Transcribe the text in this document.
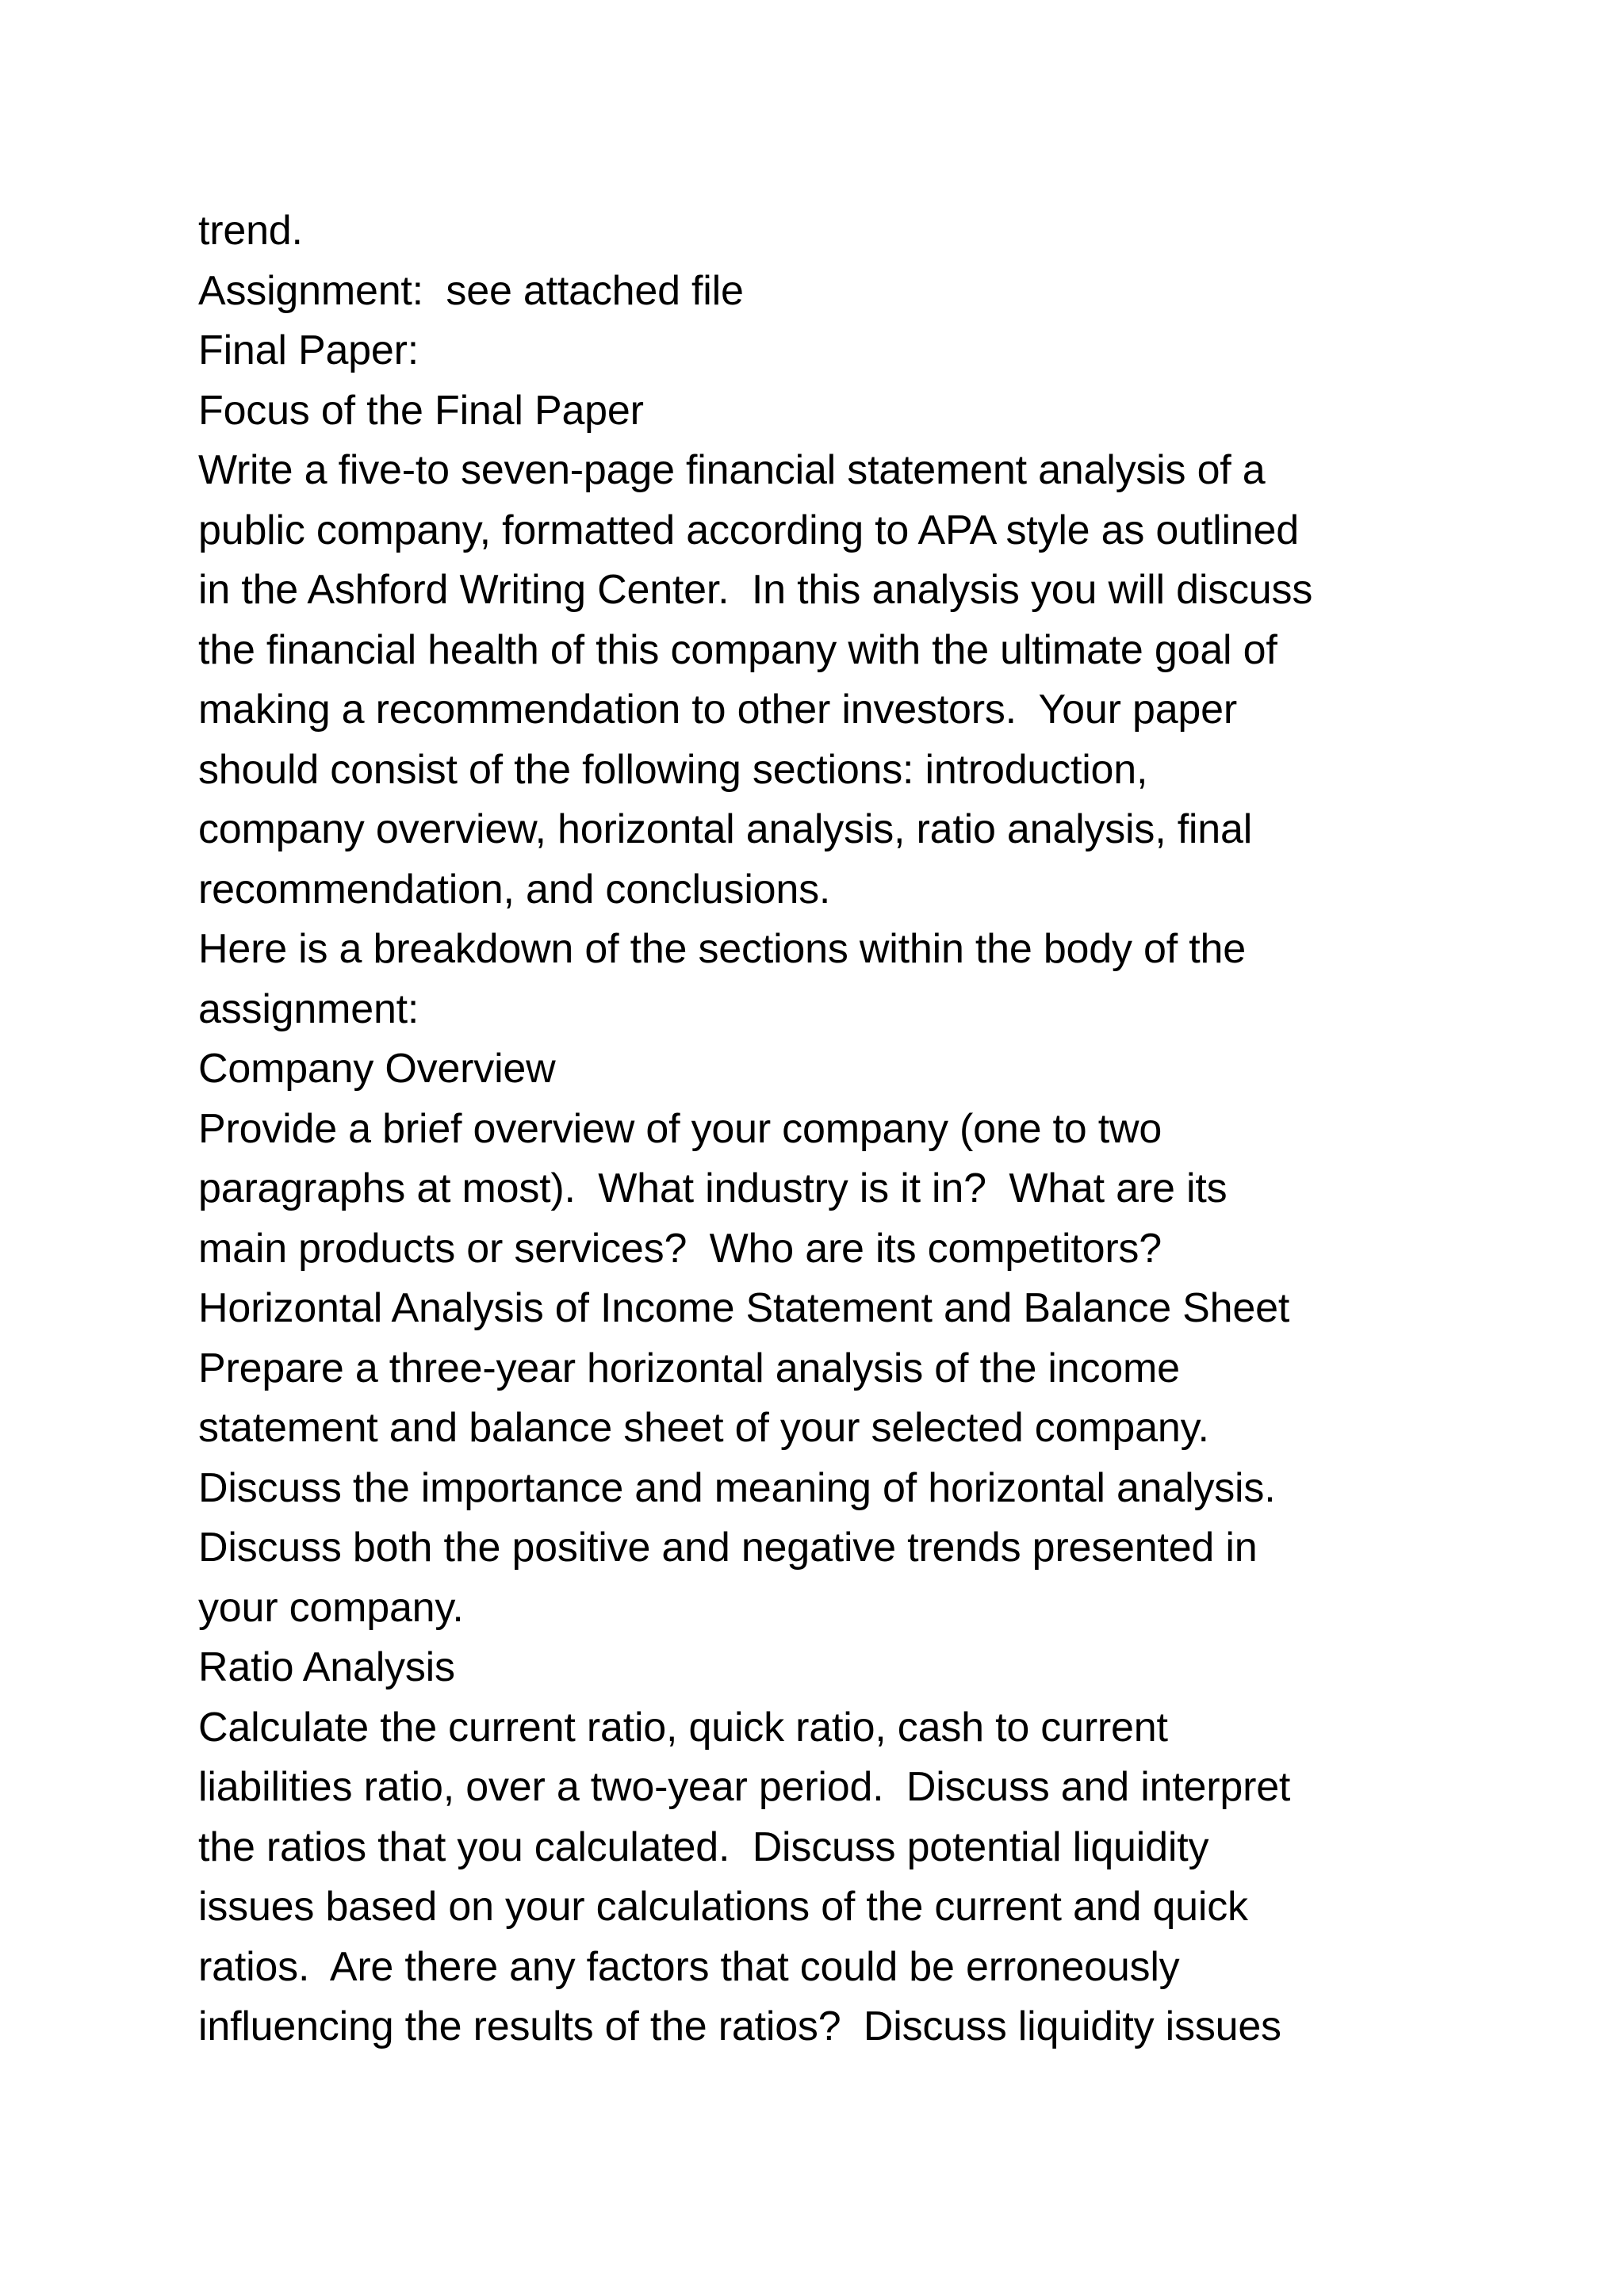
trend.
Assignment:  see attached file
Final Paper:
Focus of the Final Paper
Write a five-to seven-page financial statement analysis of a
public company, formatted according to APA style as outlined
in the Ashford Writing Center.  In this analysis you will discuss
the financial health of this company with the ultimate goal of
making a recommendation to other investors.  Your paper
should consist of the following sections: introduction,
company overview, horizontal analysis, ratio analysis, final
recommendation, and conclusions.
Here is a breakdown of the sections within the body of the
assignment:
Company Overview
Provide a brief overview of your company (one to two
paragraphs at most).  What industry is it in?  What are its
main products or services?  Who are its competitors?
Horizontal Analysis of Income Statement and Balance Sheet
Prepare a three-year horizontal analysis of the income
statement and balance sheet of your selected company.
Discuss the importance and meaning of horizontal analysis.
Discuss both the positive and negative trends presented in
your company.
Ratio Analysis
Calculate the current ratio, quick ratio, cash to current
liabilities ratio, over a two-year period.  Discuss and interpret
the ratios that you calculated.  Discuss potential liquidity
issues based on your calculations of the current and quick
ratios.  Are there any factors that could be erroneously
influencing the results of the ratios?  Discuss liquidity issues
